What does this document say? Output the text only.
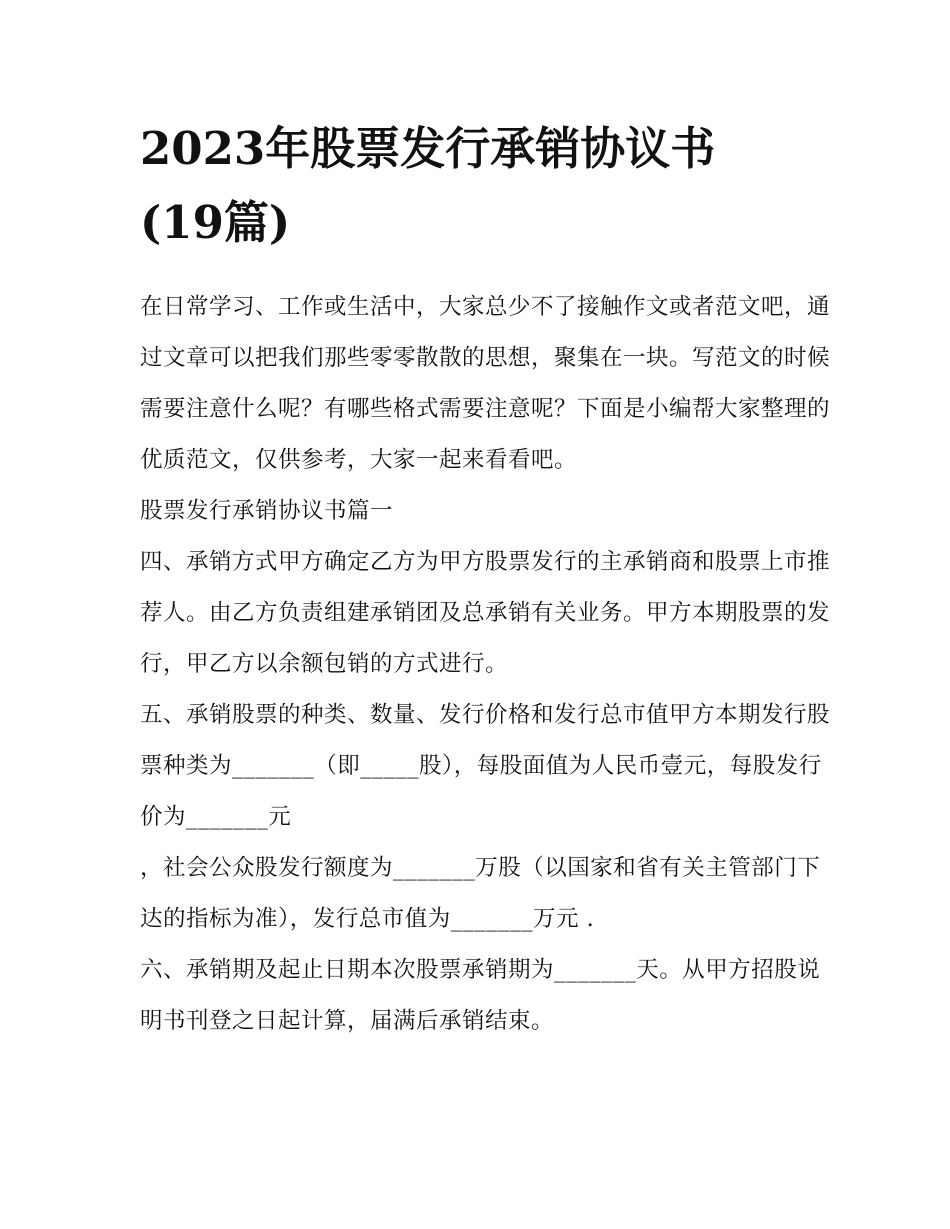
2023年股票发行承销协议书
(19篇)

在日常学习、工作或生活中，大家总少不了接触作文或者范文吧，通过文章可以把我们那些零零散散的思想，聚集在一块。写范文的时候需要注意什么呢？有哪些格式需要注意呢？下面是小编帮大家整理的优质范文，仅供参考，大家一起来看看吧。

股票发行承销协议书篇一

四、承销方式甲方确定乙方为甲方股票发行的主承销商和股票上市推荐人。由乙方负责组建承销团及总承销有关业务。甲方本期股票的发行，甲乙方以余额包销的方式进行。

五、承销股票的种类、数量、发行价格和发行总市值甲方本期发行股票种类为_______（即_____股），每股面值为人民币壹元，每股发行价为_______元

，社会公众股发行额度为_______万股（以国家和省有关主管部门下达的指标为准），发行总市值为_______万元 .

六、承销期及起止日期本次股票承销期为_______天。从甲方招股说明书刊登之日起计算，届满后承销结束。
